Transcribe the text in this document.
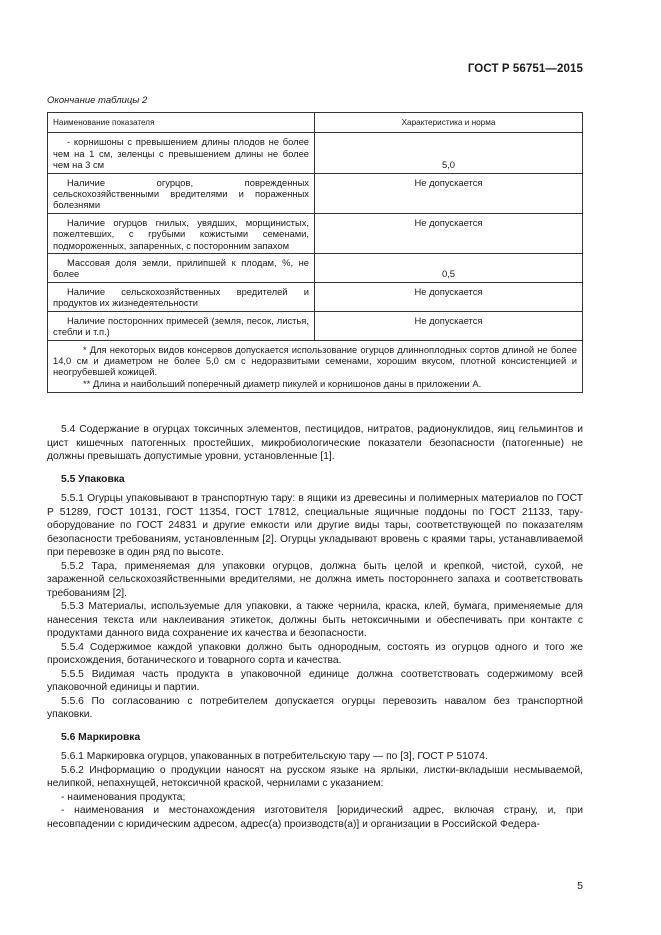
ГОСТ Р 56751—2015
Окончание таблицы 2
Наименование показателя	Характеристика и норма
- корнишоны с превышением длины плодов не более чем на 1 см, зеленцы с превышением длины не более чем на 3 см	5,0
Наличие огурцов, поврежденных сельскохозяйственными вредителями и пораженных болезнями	Не допускается
Наличие огурцов гнилых, увядших, морщинистых, пожелтевших, с грубыми кожистыми семенами, подмороженных, запаренных, с посторонним запахом	Не допускается
Массовая доля земли, прилипшей к плодам, %, не более	0,5
Наличие сельскохозяйственных вредителей и продуктов их жизнедеятельности	Не допускается
Наличие посторонних примесей (земля, песок, листья, стебли и т.п.)	Не допускается

* Для некоторых видов консервов допускается использование огурцов длинноплодных сортов длиной не более 14,0 см и диаметром не более 5,0 см с недоразвитыми семенами, хорошим вкусом, плотной консистенцией и неогрубевшей кожицей.

** Длина и наибольший поперечный диаметр пикулей и корнишонов даны в приложении А.	

5.4 Содержание в огурцах токсичных элементов, пестицидов, нитратов, радионуклидов, яиц гельминтов и цист кишечных патогенных простейших, микробиологические показатели безопасности (патогенные) не должны превышать допустимые уровни, установленные [1].

5.5 Упаковка

5.5.1 Огурцы упаковывают в транспортную тару: в ящики из древесины и полимерных материалов по ГОСТ Р 51289, ГОСТ 10131, ГОСТ 11354, ГОСТ 17812, специальные ящичные поддоны по ГОСТ 21133, тару-оборудование по ГОСТ 24831 и другие емкости или другие виды тары, соответствующей по показателям безопасности требованиям, установленным [2]. Огурцы укладывают вровень с краями тары, устанавливаемой при перевозке в один ряд по высоте.

5.5.2 Тара, применяемая для упаковки огурцов, должна быть целой и крепкой, чистой, сухой, не зараженной сельскохозяйственными вредителями, не должна иметь постороннего запаха и соответствовать требованиям [2].

5.5.3 Материалы, используемые для упаковки, а также чернила, краска, клей, бумага, применяемые для нанесения текста или наклеивания этикеток, должны быть нетоксичными и обеспечивать при контакте с продуктами данного вида сохранение их качества и безопасности.

5.5.4 Содержимое каждой упаковки должно быть однородным, состоять из огурцов одного и того же происхождения, ботанического и товарного сорта и качества.

5.5.5 Видимая часть продукта в упаковочной единице должна соответствовать содержимому всей упаковочной единицы и партии.

5.5.6 По согласованию с потребителем допускается огурцы перевозить навалом без транспортной упаковки.

5.6 Маркировка

5.6.1 Маркировка огурцов, упакованных в потребительскую тару — по [3], ГОСТ Р 51074.

5.6.2 Информацию о продукции наносят на русском языке на ярлыки, листки-вкладыши несмываемой, нелипкой, непахнущей, нетоксичной краской, чернилами с указанием:

- наименования продукта;

- наименования и местонахождения изготовителя [юридический адрес, включая страну, и, при несовпадении с юридическим адресом, адрес(а) производств(а)] и организации в Российской Федера-

5
